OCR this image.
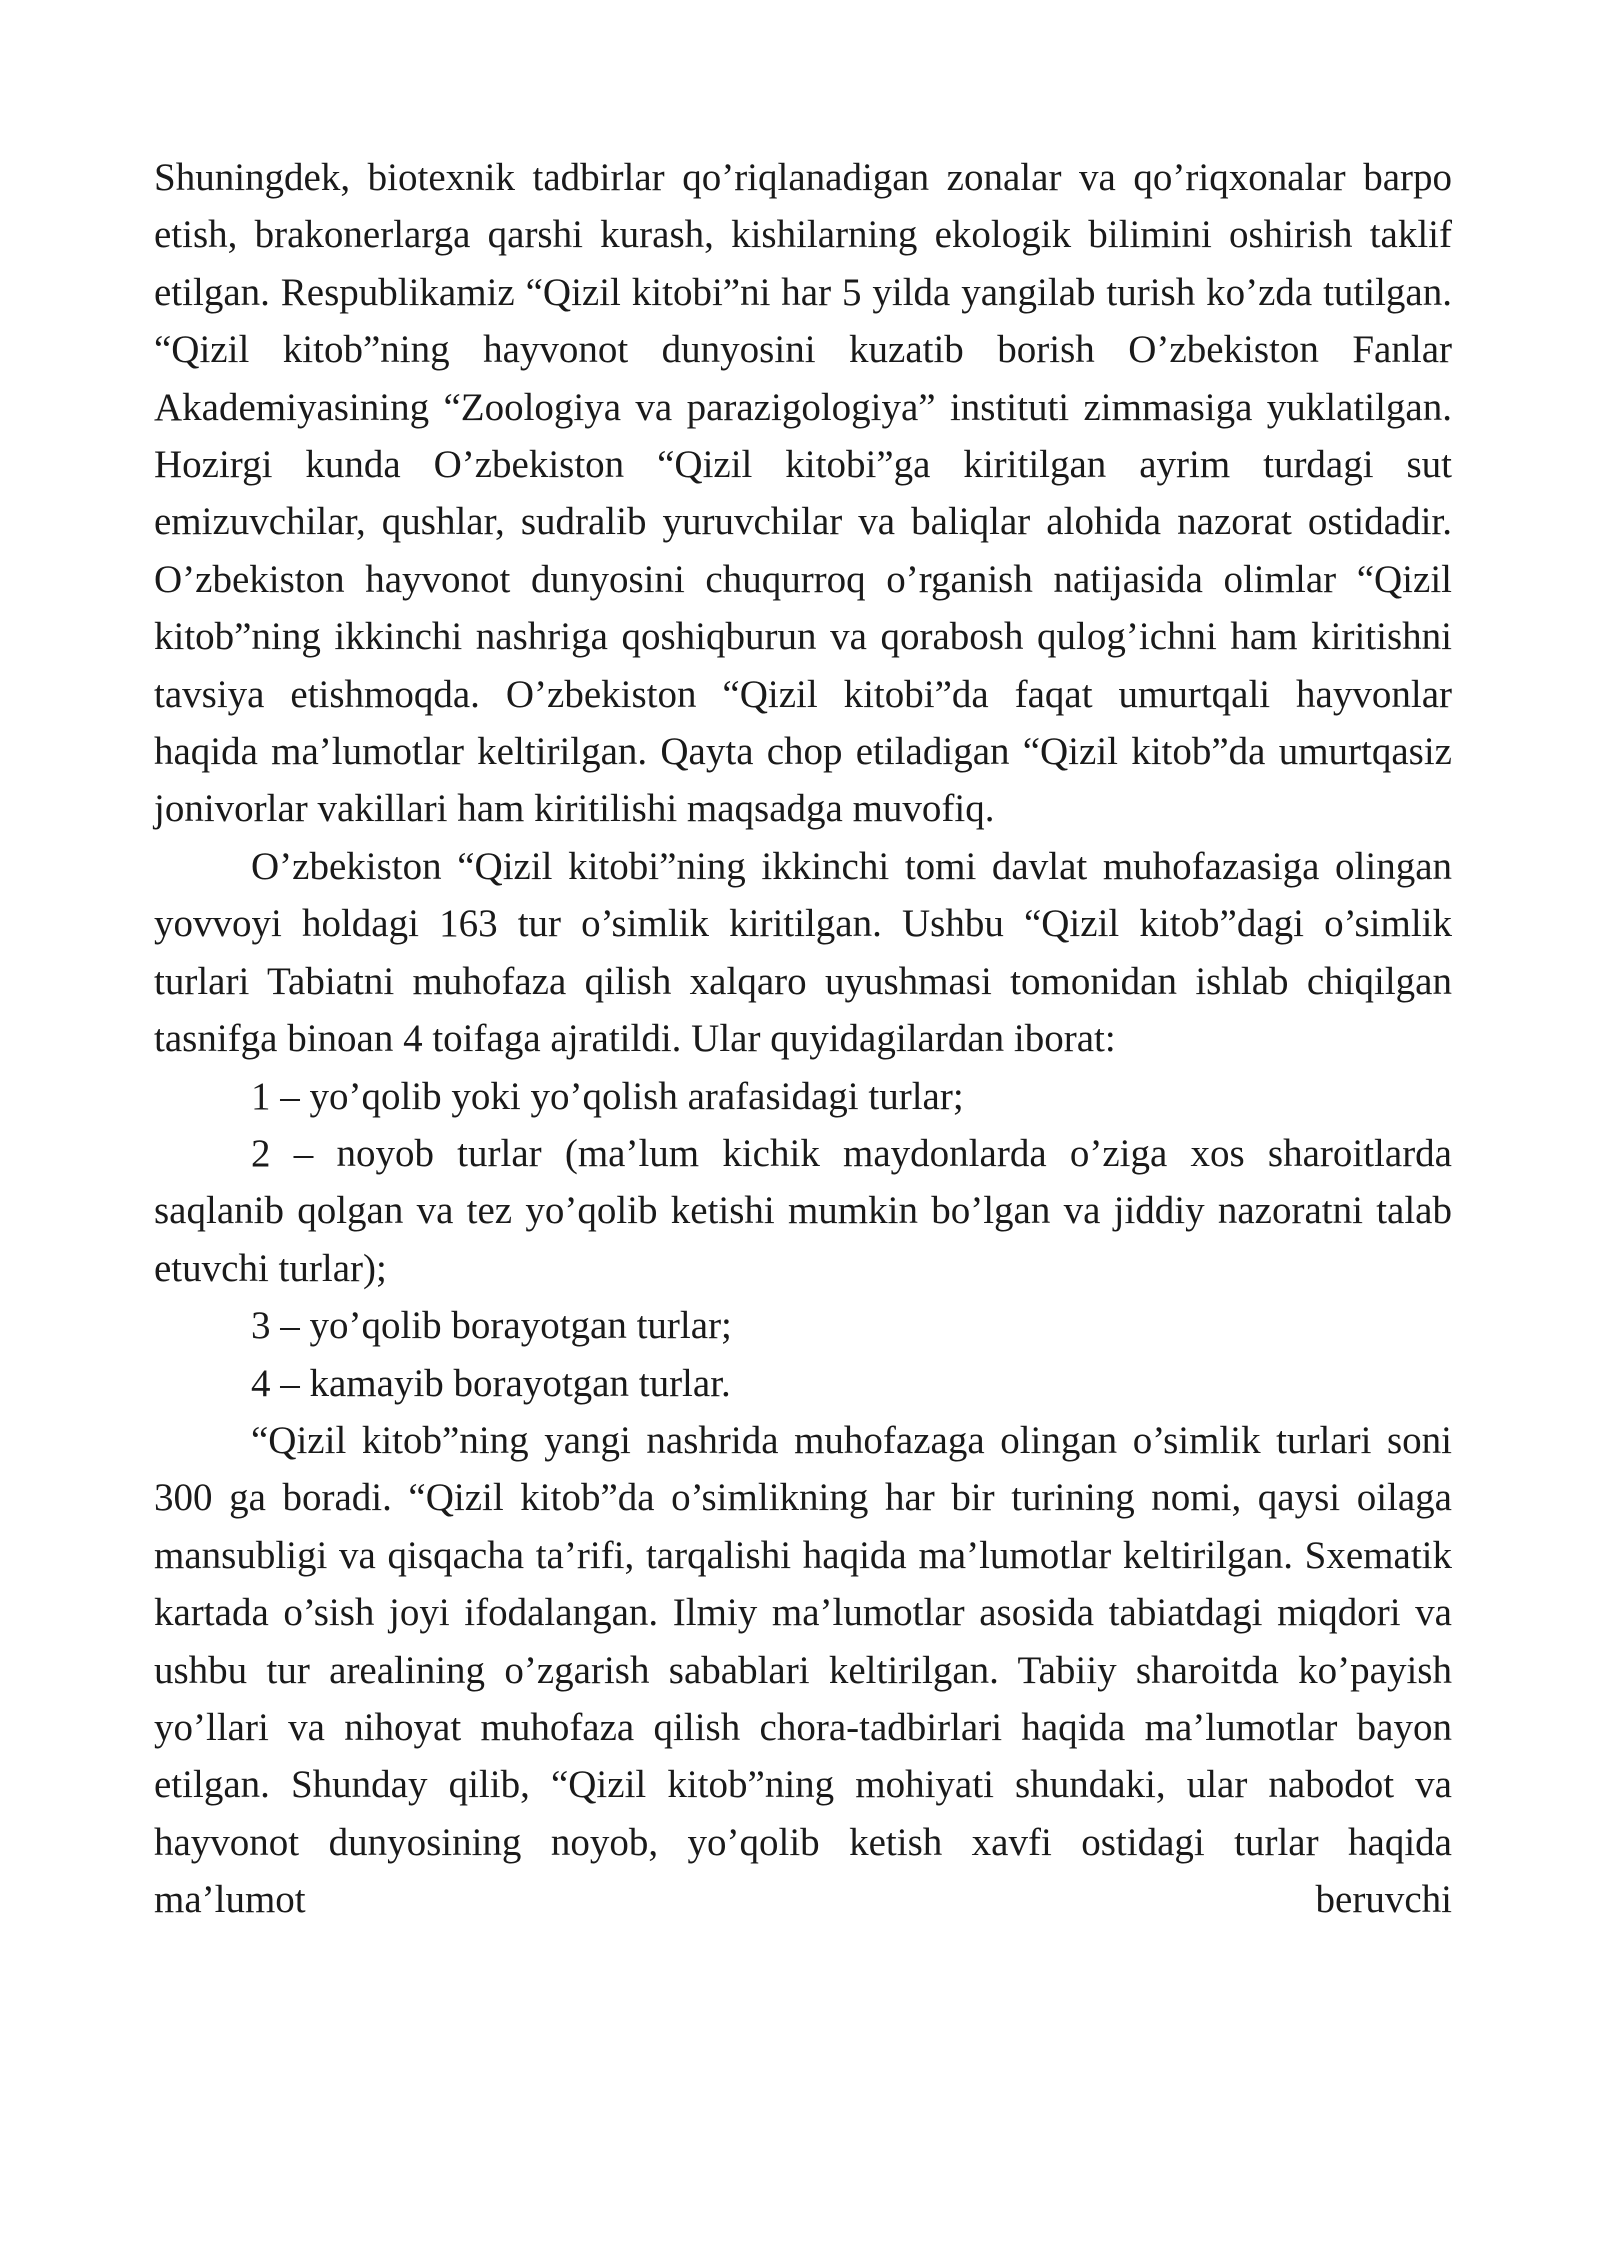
Shuningdek, biotexnik tadbirlar qo’riqlanadigan zonalar va qo’riqxonalar barpo etish, brakonerlarga qarshi kurash, kishilarning ekologik bilimini oshirish taklif etilgan. Respublikamiz “Qizil kitobi”ni har 5 yilda yangilab turish ko’zda tutilgan. “Qizil kitob”ning hayvonot dunyosini kuzatib borish O’zbekiston Fanlar Akademiyasining “Zoologiya va parazigologiya” instituti zimmasiga yuklatilgan. Hozirgi kunda O’zbekiston “Qizil kitobi”ga kiritilgan ayrim turdagi sut emizuvchilar, qushlar, sudralib yuruvchilar va baliqlar alohida nazorat ostidadir. O’zbekiston hayvonot dunyosini chuqurroq o’rganish natijasida olimlar “Qizil kitob”ning ikkinchi nashriga qoshiqburun va qorabosh qulog’ichni ham kiritishni tavsiya etishmoqda. O’zbekiston “Qizil kitobi”da faqat umurtqali hayvonlar haqida ma’lumotlar keltirilgan. Qayta chop etiladigan “Qizil kitob”da umurtqasiz jonivorlar vakillari ham kiritilishi maqsadga muvofiq.

O’zbekiston “Qizil kitobi”ning ikkinchi tomi davlat muhofazasiga olingan yovvoyi holdagi 163 tur o’simlik kiritilgan. Ushbu “Qizil kitob”dagi o’simlik turlari Tabiatni muhofaza qilish xalqaro uyushmasi tomonidan ishlab chiqilgan tasnifga binoan 4 toifaga ajratildi. Ular quyidagilardan iborat:

1 – yo’qolib yoki yo’qolish arafasidagi turlar;

2 – noyob turlar (ma’lum kichik maydonlarda o’ziga xos sharoitlarda saqlanib qolgan va tez yo’qolib ketishi mumkin bo’lgan va jiddiy nazoratni talab etuvchi turlar);

3 – yo’qolib borayotgan turlar;

4 – kamayib borayotgan turlar.

“Qizil kitob”ning yangi nashrida muhofazaga olingan o’simlik turlari soni 300 ga boradi. “Qizil kitob”da o’simlikning har bir turining nomi, qaysi oilaga mansubligi va qisqacha ta’rifi, tarqalishi haqida ma’lumotlar keltirilgan. Sxematik kartada o’sish joyi ifodalangan. Ilmiy ma’lumotlar asosida tabiatdagi miqdori va ushbu tur arealining o’zgarish sabablari keltirilgan. Tabiiy sharoitda ko’payish yo’llari va nihoyat muhofaza qilish chora-tadbirlari haqida ma’lumotlar bayon etilgan. Shunday qilib, “Qizil kitob”ning mohiyati shundaki, ular nabodot va hayvonot dunyosining noyob, yo’qolib ketish xavfi ostidagi turlar haqida ma’lumot beruvchi
